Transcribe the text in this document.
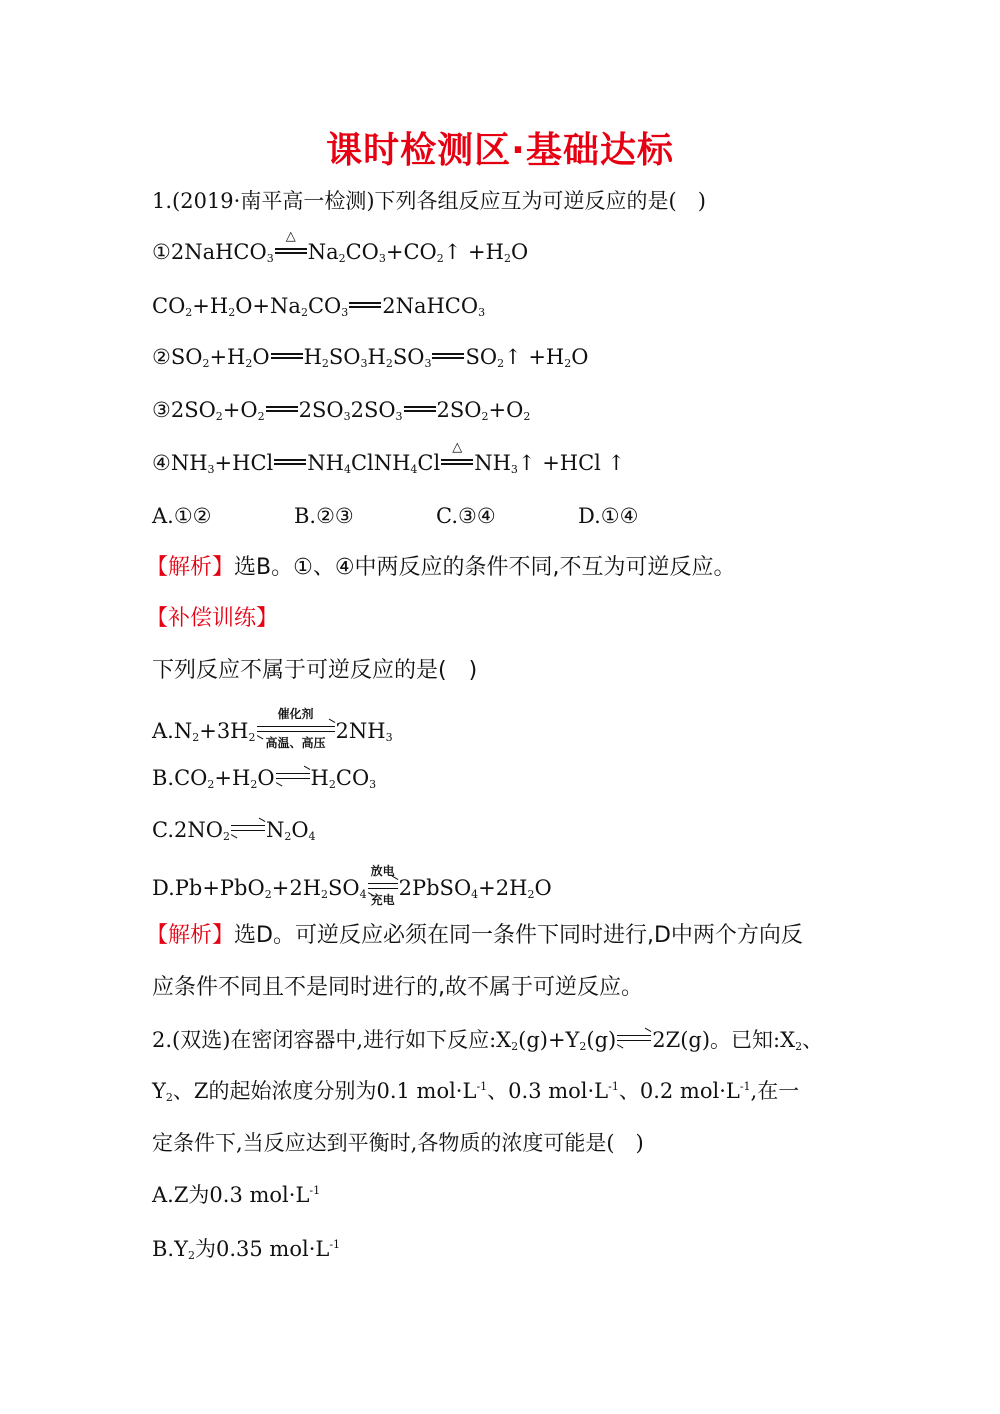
课时检测区·基础达标
1.(2019·南平高一检测)下列各组反应互为可逆反应的是(　)
①2NaHCO$_3$
△
$Na_2CO_3+CO_2↑ +H_2O$
$CO_2+H_2O+Na_2CO_3$ 2NaHCO$_3$
$②SO_2+H_2O$ $H_2SO_3H_2SO_3$ $SO_2↑ +H_2O$
$③2SO_2+O_2$ $2SO_32SO_3$ $2SO_2+O_2$
$④NH_3+HCl$ $NH_4ClNH_4Cl$
△
$NH_3↑ +HCl$ ↑
A.①②	B.②③	C.③④	D.①④
【解析】选B。①、④中两反应的条件不同,不互为可逆反应。
【补偿训练】
下列反应不属于可逆反应的是(　)
$A.N_2+3H_2$
催化剂
高温、高压 $2NH_3$
$B.CO_2+H_2O$ $H_2CO_3$
$C.2NO_2$ $N_2O_4$
$D.Pb+PbO_2+2H_2SO_4$
放电
充电 $2PbSO_4+2H_2O$
【解析】选D。可逆反应必须在同一条件下同时进行,D中两个方向反
应条件不同且不是同时进行的,故不属于可逆反应。
2.(双选)在密闭容器中,进行如下反应$:X_2(g)+Y_2(g)$ 2Z(g)。已知$:X_2$、
$Y_2$、Z的起始浓度分别为0.1 $mol\cdot L^{-1}$、0.3 $mol\cdot L^{-1}$、0.2 $mol\cdot L^{-1}$,在一
定条件下,当反应达到平衡时,各物质的浓度可能是(　)
A.Z为0.3 $mol\cdot L^{-1}$
$B.Y_2$为0.35 $mol\cdot L^{-1}$
